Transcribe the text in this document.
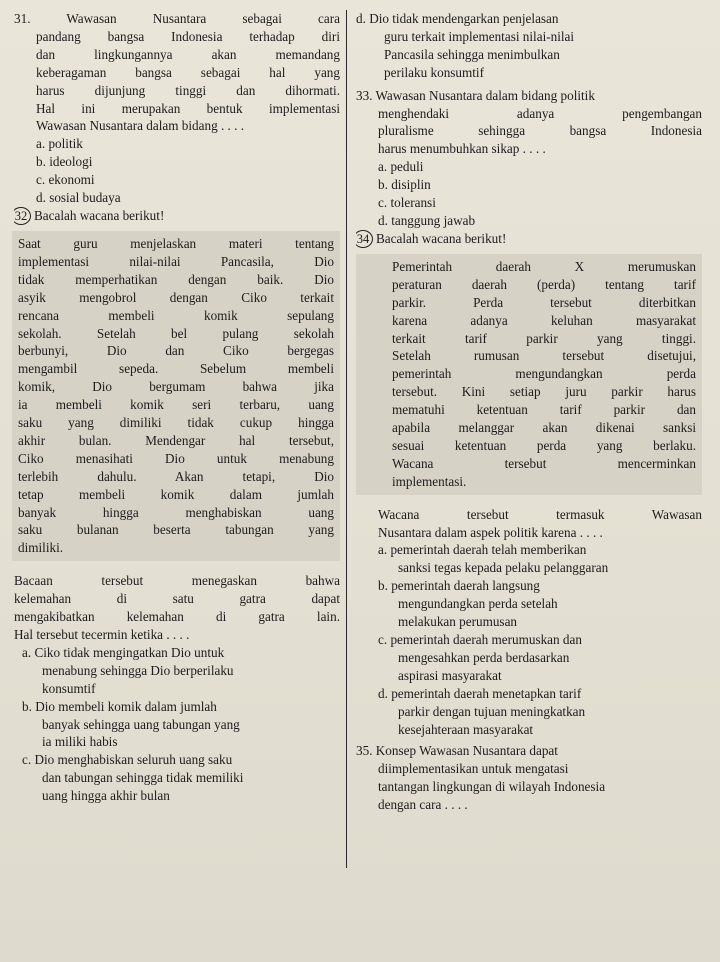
31.	Wawasan Nusantara sebagai cara
pandang bangsa Indonesia terhadap diri
dan lingkungannya akan memandang
keberagaman bangsa sebagai hal yang
harus dijunjung tinggi dan dihormati.
Hal ini merupakan bentuk implementasi
Wawasan Nusantara dalam bidang . . . .
a. politik
b. ideologi
c. ekonomi
d. sosial budaya
32 Bacalah wacana berikut!
Saat guru menjelaskan materi tentang
implementasi nilai-nilai Pancasila, Dio
tidak memperhatikan dengan baik. Dio
asyik mengobrol dengan Ciko terkait
rencana membeli komik sepulang
sekolah. Setelah bel pulang sekolah
berbunyi, Dio dan Ciko bergegas
mengambil sepeda. Sebelum membeli
komik, Dio bergumam bahwa jika
ia membeli komik seri terbaru, uang
saku yang dimiliki tidak cukup hingga
akhir bulan. Mendengar hal tersebut,
Ciko menasihati Dio untuk menabung
terlebih dahulu. Akan tetapi, Dio
tetap membeli komik dalam jumlah
banyak hingga menghabiskan uang
saku bulanan beserta tabungan yang
dimiliki.
Bacaan tersebut menegaskan bahwa
kelemahan di satu gatra dapat
mengakibatkan kelemahan di gatra lain.
Hal tersebut tecermin ketika . . . .
a. Ciko tidak mengingatkan Dio untuk
menabung sehingga Dio berperilaku
konsumtif
b. Dio membeli komik dalam jumlah
banyak sehingga uang tabungan yang
ia miliki habis
c. Dio menghabiskan seluruh uang saku
dan tabungan sehingga tidak memiliki
uang hingga akhir bulan
d. Dio tidak mendengarkan penjelasan
guru terkait implementasi nilai-nilai
Pancasila sehingga menimbulkan
perilaku konsumtif
33. Wawasan Nusantara dalam bidang politik
menghendaki adanya pengembangan
pluralisme sehingga bangsa Indonesia
harus menumbuhkan sikap . . . .
a. peduli
b. disiplin
c. toleransi
d. tanggung jawab
34 Bacalah wacana berikut!
Pemerintah daerah X merumuskan
peraturan daerah (perda) tentang tarif
parkir. Perda tersebut diterbitkan
karena adanya keluhan masyarakat
terkait tarif parkir yang tinggi.
Setelah rumusan tersebut disetujui,
pemerintah mengundangkan perda
tersebut. Kini setiap juru parkir harus
mematuhi ketentuan tarif parkir dan
apabila melanggar akan dikenai sanksi
sesuai ketentuan perda yang berlaku.
Wacana tersebut mencerminkan
implementasi.
Wacana tersebut termasuk Wawasan
Nusantara dalam aspek politik karena . . . .
a. pemerintah daerah telah memberikan
sanksi tegas kepada pelaku pelanggaran
b. pemerintah daerah langsung
mengundangkan perda setelah
melakukan perumusan
c. pemerintah daerah merumuskan dan
mengesahkan perda berdasarkan
aspirasi masyarakat
d. pemerintah daerah menetapkan tarif
parkir dengan tujuan meningkatkan
kesejahteraan masyarakat
35. Konsep Wawasan Nusantara dapat
diimplementasikan untuk mengatasi
tantangan lingkungan di wilayah Indonesia
dengan cara . . . .
